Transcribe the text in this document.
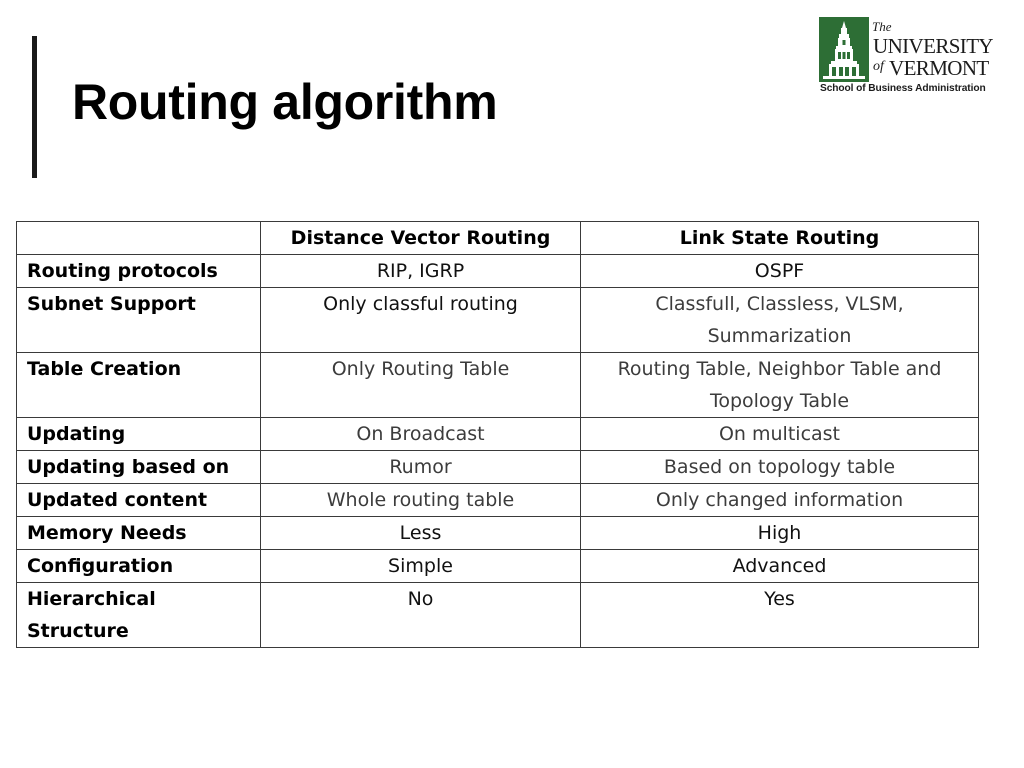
Routing algorithm
The
UNIVERSITY
of VERMONT
School of Business Administration
	Distance Vector Routing	Link State Routing
Routing protocols	RIP, IGRP	OSPF
Subnet Support	Only classful routing	Classfull, Classless, VLSM, Summarization
Table Creation	Only Routing Table	Routing Table, Neighbor Table and Topology Table
Updating	On Broadcast	On multicast
Updating based on	Rumor	Based on topology table
Updated content	Whole routing table	Only changed information
Memory Needs	Less	High
Configuration	Simple	Advanced
Hierarchical Structure	No	Yes
